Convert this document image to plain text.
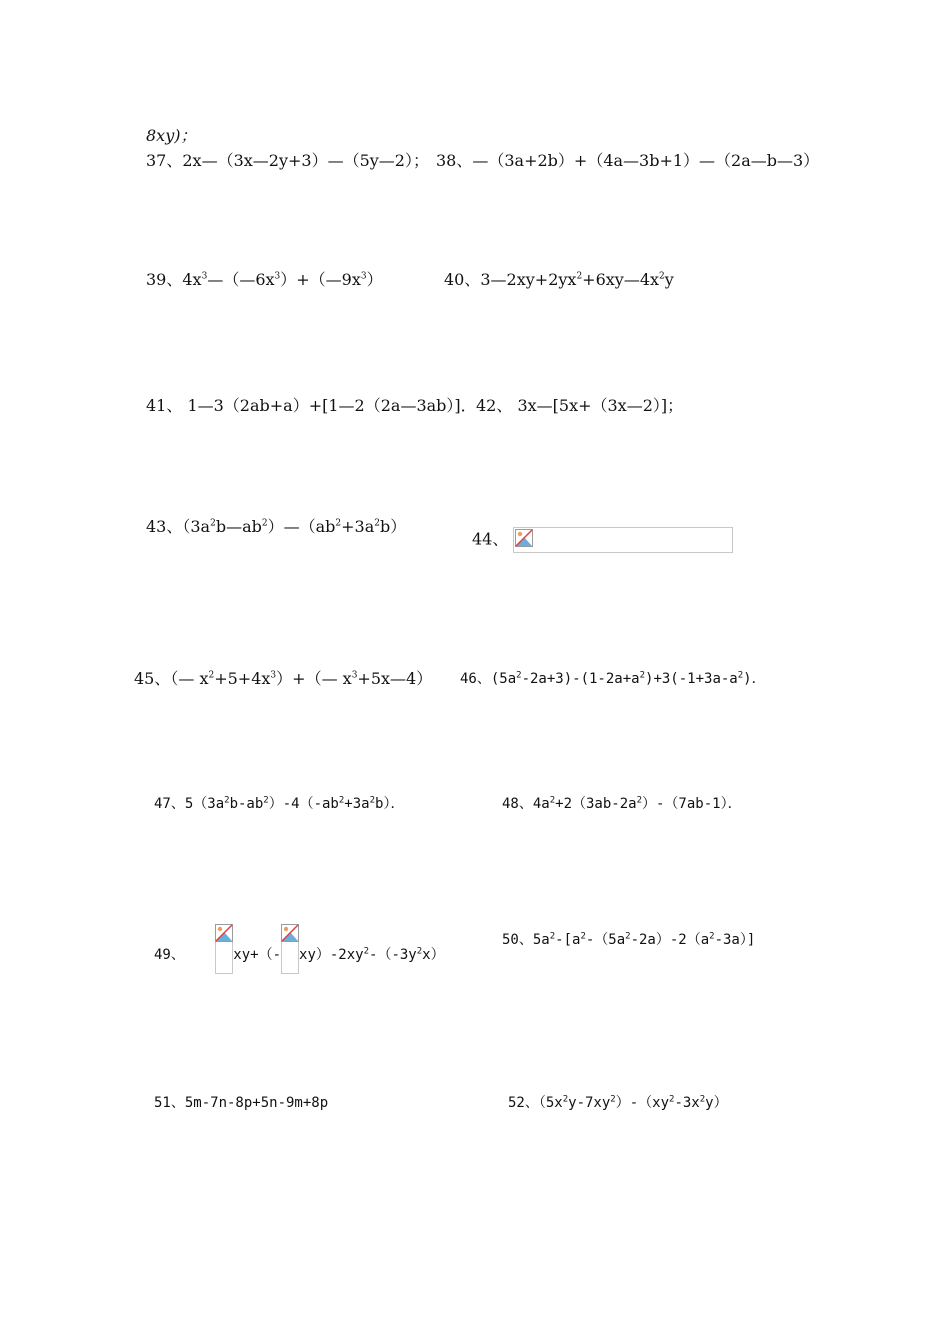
8xy)；
37、2x—（3x—2y+3）—（5y—2）； 38、—（3a+2b）+（4a—3b+1）—（2a—b—3）
39、$4x^3—(—6x^3)+(—9x^3)$	40、$3—2xy+2yx^2+6xy—4x^2y$
41、 1—3（2ab+a）+[1—2（2a—3ab）]． 42、 3x—[5x+（3x—2）]；
43、$(3a^2b—ab^2)—(ab^2+3a^2b)$
44、
45、（— $x^2+5+4x^3)+(—$ $x^3+5x—4$） 46、$(5a^2-2a+3)-(1-2a+a^2)+3(-1+3a-a^2)$．
47、$5(3a^2b-ab^2)-4(-ab^2+3a^2b)$．	48、$4a^2+2(3ab-2a^2)-(7ab-1)$．
49、	xy+（- $xy)-2xy^2-(-3y^2x)$
50、$5a^2-[a^2-(5a^2-2a)-2(a^2-3a)]$
51、5m-7n-8p+5n-9m+8p	52、$(5x^2y-7xy^2)-(xy^2-3x^2y)$
